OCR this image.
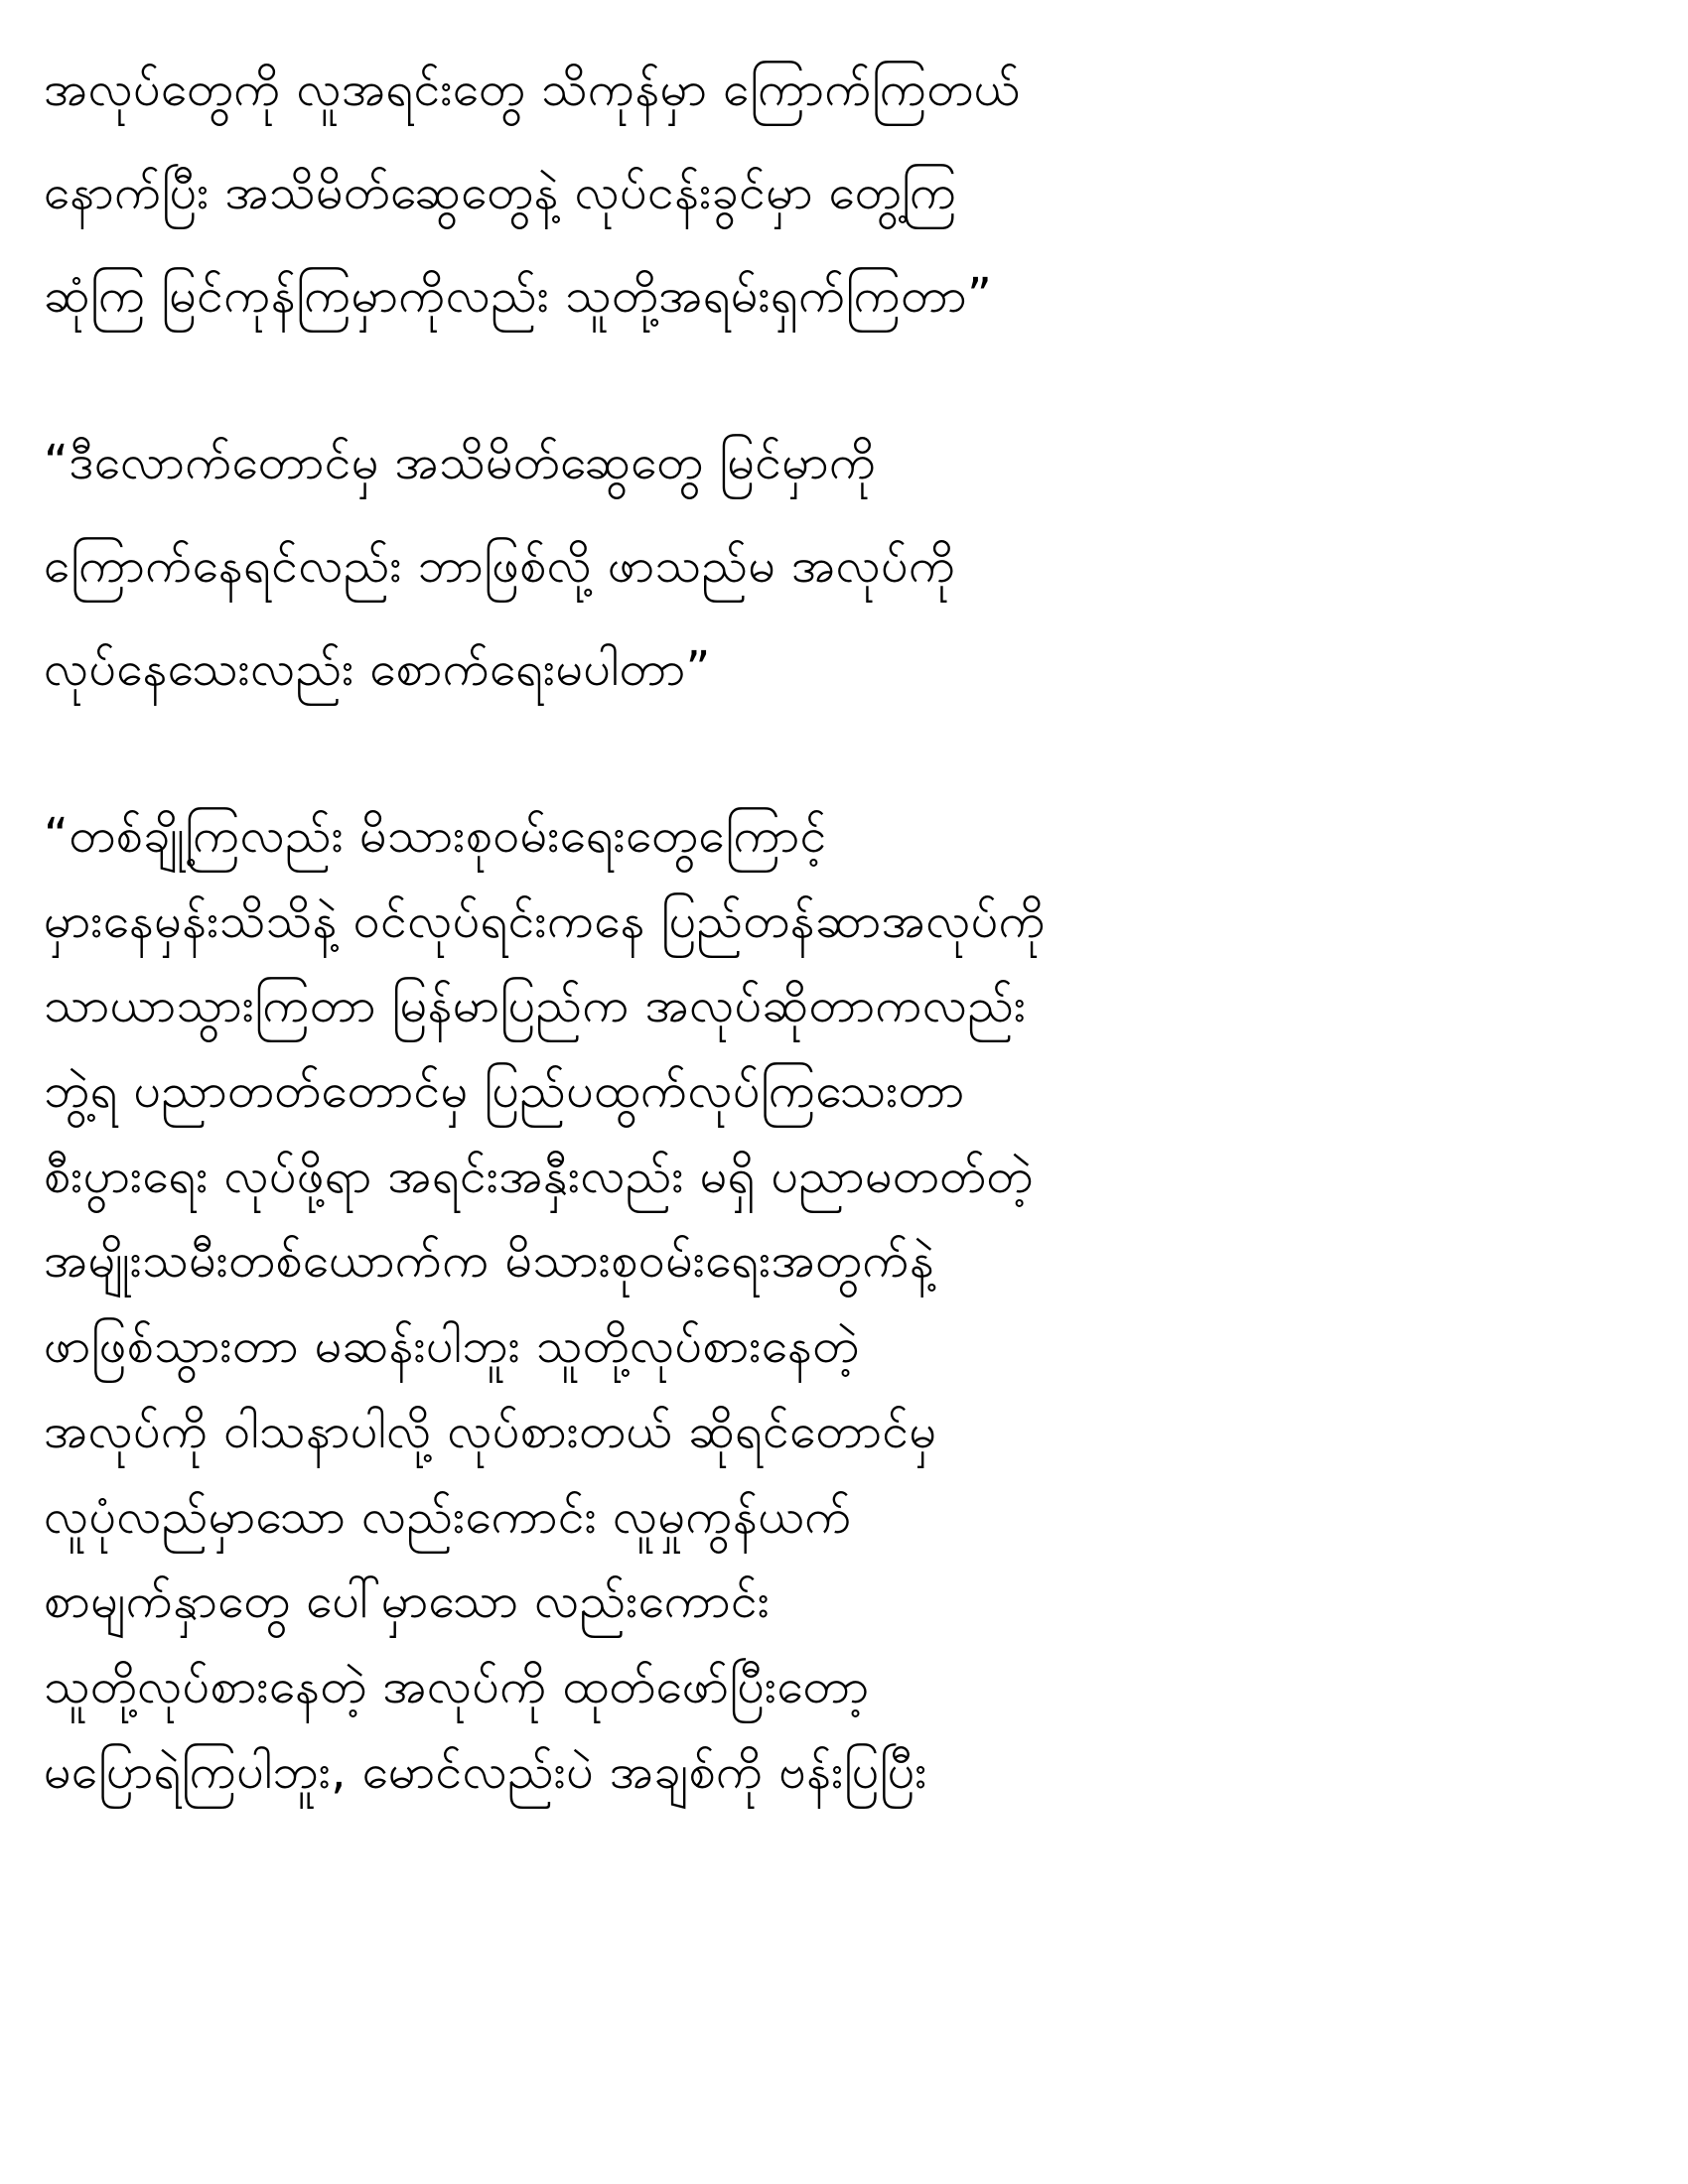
အလုပ်တွေကို လူအရင်းတွေ သိကုန်မှာ ကြောက်ကြတယ်
နောက်ပြီး အသိမိတ်ဆွေတွေနဲ့ လုပ်ငန်းခွင်မှာ တွေ့ကြ
ဆုံကြ မြင်ကုန်ကြမှာကိုလည်း သူတို့အရမ်းရှက်ကြတာ”
“ဒီလောက်တောင်မှ အသိမိတ်ဆွေတွေ မြင်မှာကို
ကြောက်နေရင်လည်း ဘာဖြစ်လို့ ဖာသည်မ အလုပ်ကို
လုပ်နေသေးလည်း စောက်ရေးမပါတာ”
“တစ်ချို့ကြလည်း မိသားစုဝမ်းရေးတွေကြောင့်
မှားနေမှန်းသိသိနဲ့ ဝင်လုပ်ရင်းကနေ ပြည်တန်ဆာအလုပ်ကို
သာယာသွားကြတာ မြန်မာပြည်က အလုပ်ဆိုတာကလည်း
ဘွဲ့ရ ပညာတတ်တောင်မှ ပြည်ပထွက်လုပ်ကြသေးတာ
စီးပွားရေး လုပ်ဖို့ရာ အရင်းအနှီးလည်း မရှိ ပညာမတတ်တဲ့
အမျိုးသမီးတစ်ယောက်က မိသားစုဝမ်းရေးအတွက်နဲ့
ဖာဖြစ်သွားတာ မဆန်းပါဘူး သူတို့လုပ်စားနေတဲ့
အလုပ်ကို ဝါသနာပါလို့ လုပ်စားတယ် ဆိုရင်တောင်မှ
လူပုံလည်မှာသော လည်းကောင်း လူမှုကွန်ယက်
စာမျက်နှာတွေ ပေါ်မှာသော လည်းကောင်း
သူတို့လုပ်စားနေတဲ့ အလုပ်ကို ထုတ်ဖော်ပြီးတော့
မပြောရဲကြပါဘူး, မောင်လည်းပဲ အချစ်ကို ဗန်းပြပြီး
